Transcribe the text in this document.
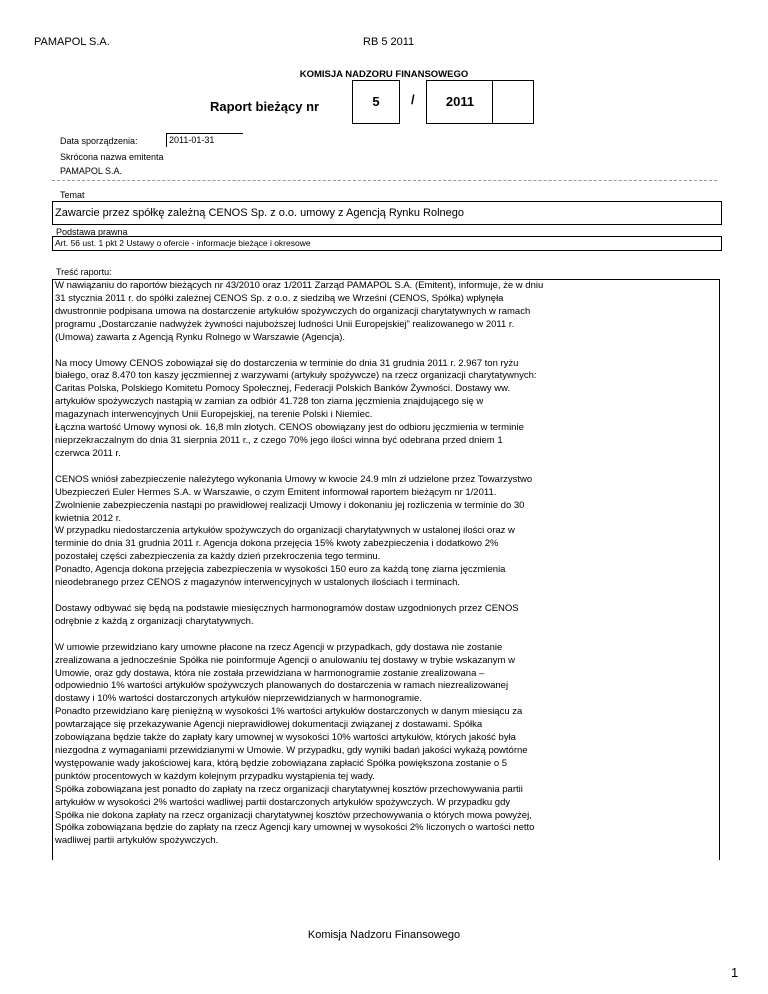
PAMAPOL S.A.	RB 5 2011
KOMISJA NADZORU FINANSOWEGO
Raport bieżący nr	5	/	2011
Data sporządzenia:	2011-01-31
Skrócona nazwa emitenta
PAMAPOL S.A.
Temat
Zawarcie przez spółkę zależną CENOS Sp. z o.o. umowy z Agencją Rynku Rolnego
Podstawa prawna
Art. 56 ust. 1 pkt 2 Ustawy o ofercie - informacje bieżące i okresowe
Treść raportu:

W nawiązaniu do raportów bieżących nr 43/2010 oraz 1/2011 Zarząd PAMAPOL S.A. (Emitent), informuje, że w dniu
31 stycznia 2011 r. do spółki zależnej CENOS Sp. z o.o. z siedzibą we Wrześni (CENOS, Spółka) wpłynęła
dwustronnie podpisana umowa na dostarczenie artykułów spożywczych do organizacji charytatywnych w ramach
programu „Dostarczanie nadwyżek żywności najuboższej ludności Unii Europejskiej” realizowanego w 2011 r.
(Umowa) zawarta z Agencją Rynku Rolnego w Warszawie (Agencja).

Na mocy Umowy CENOS zobowiązał się do dostarczenia w terminie do dnia 31 grudnia 2011 r. 2.967 ton ryżu
białego, oraz 8.470 ton kaszy jęczmiennej z warzywami (artykuły spożywcze) na rzecz organizacji charytatywnych:
Caritas Polska, Polskiego Komitetu Pomocy Społecznej, Federacji Polskich Banków Żywności. Dostawy ww.
artykułów spożywczych nastąpią w zamian za odbiór 41.728 ton ziarna jęczmienia znajdującego się w
magazynach interwencyjnych Unii Europejskiej, na terenie Polski i Niemiec.
Łączna wartość Umowy wynosi ok. 16,8 mln złotych. CENOS obowiązany jest do odbioru jęczmienia w terminie
nieprzekraczalnym do dnia 31 sierpnia 2011 r., z czego 70% jego ilości winna być odebrana przed dniem 1
czerwca 2011 r.

CENOS wniósł zabezpieczenie należytego wykonania Umowy w kwocie 24.9 mln zł udzielone przez Towarzystwo
Ubezpieczeń Euler Hermes S.A. w Warszawie, o czym Emitent informował raportem bieżącym nr 1/2011.
Zwolnienie zabezpieczenia nastąpi po prawidłowej realizacji Umowy i dokonaniu jej rozliczenia w terminie do 30
kwietnia 2012 r.
W przypadku niedostarczenia artykułów spożywczych do organizacji charytatywnych w ustalonej ilości oraz w
terminie do dnia 31 grudnia 2011 r. Agencja dokona przejęcia 15% kwoty zabezpieczenia i dodatkowo 2%
pozostałej części zabezpieczenia za każdy dzień przekroczenia tego terminu.
Ponadto, Agencja dokona przejęcia zabezpieczenia w wysokości 150 euro za każdą tonę ziarna jęczmienia
nieodebranego przez CENOS z magazynów interwencyjnych w ustalonych ilościach i terminach.

Dostawy odbywać się będą na podstawie miesięcznych harmonogramów dostaw uzgodnionych przez CENOS
odrębnie z każdą z organizacji charytatywnych.

W umowie przewidziano kary umowne płacone na rzecz Agencji w przypadkach, gdy dostawa nie zostanie
zrealizowana a jednocześnie Spółka nie poinformuje Agencji o anulowaniu tej dostawy w trybie wskazanym w
Umowie, oraz gdy dostawa, która nie została przewidziana w harmonogramie zostanie zrealizowana –
odpowiednio 1% wartości artykułów spożywczych planowanych do dostarczenia w ramach niezrealizowanej
dostawy i 10% wartości dostarczonych artykułów nieprzewidzianych w harmonogramie.
Ponadto przewidziano karę pieniężną w wysokości 1% wartości artykułów dostarczonych w danym miesiącu za
powtarzające się przekazywanie Agencji nieprawidłowej dokumentacji związanej z dostawami. Spółka
zobowiązana będzie także do zapłaty kary umownej w wysokości 10% wartości artykułów, których jakość była
niezgodna z wymaganiami przewidzianymi w Umowie. W przypadku, gdy wyniki badań jakości wykażą powtórne
występowanie wady jakościowej kara, którą będzie zobowiązana zapłacić Spółka powiększona zostanie o 5
punktów procentowych w każdym kolejnym przypadku wystąpienia tej wady.
Spółka zobowiązana jest ponadto do zapłaty na rzecz organizacji charytatywnej kosztów przechowywania partii
artykułów w wysokości 2% wartości wadliwej partii dostarczonych artykułów spożywczych. W przypadku gdy
Spółka nie dokona zapłaty na rzecz organizacji charytatywnej kosztów przechowywania o których mowa powyżej,
Spółka zobowiązana będzie do zapłaty na rzecz Agencji kary umownej w wysokości 2% liczonych o wartości netto
wadliwej partii artykułów spożywczych.

Komisja Nadzoru Finansowego
1
